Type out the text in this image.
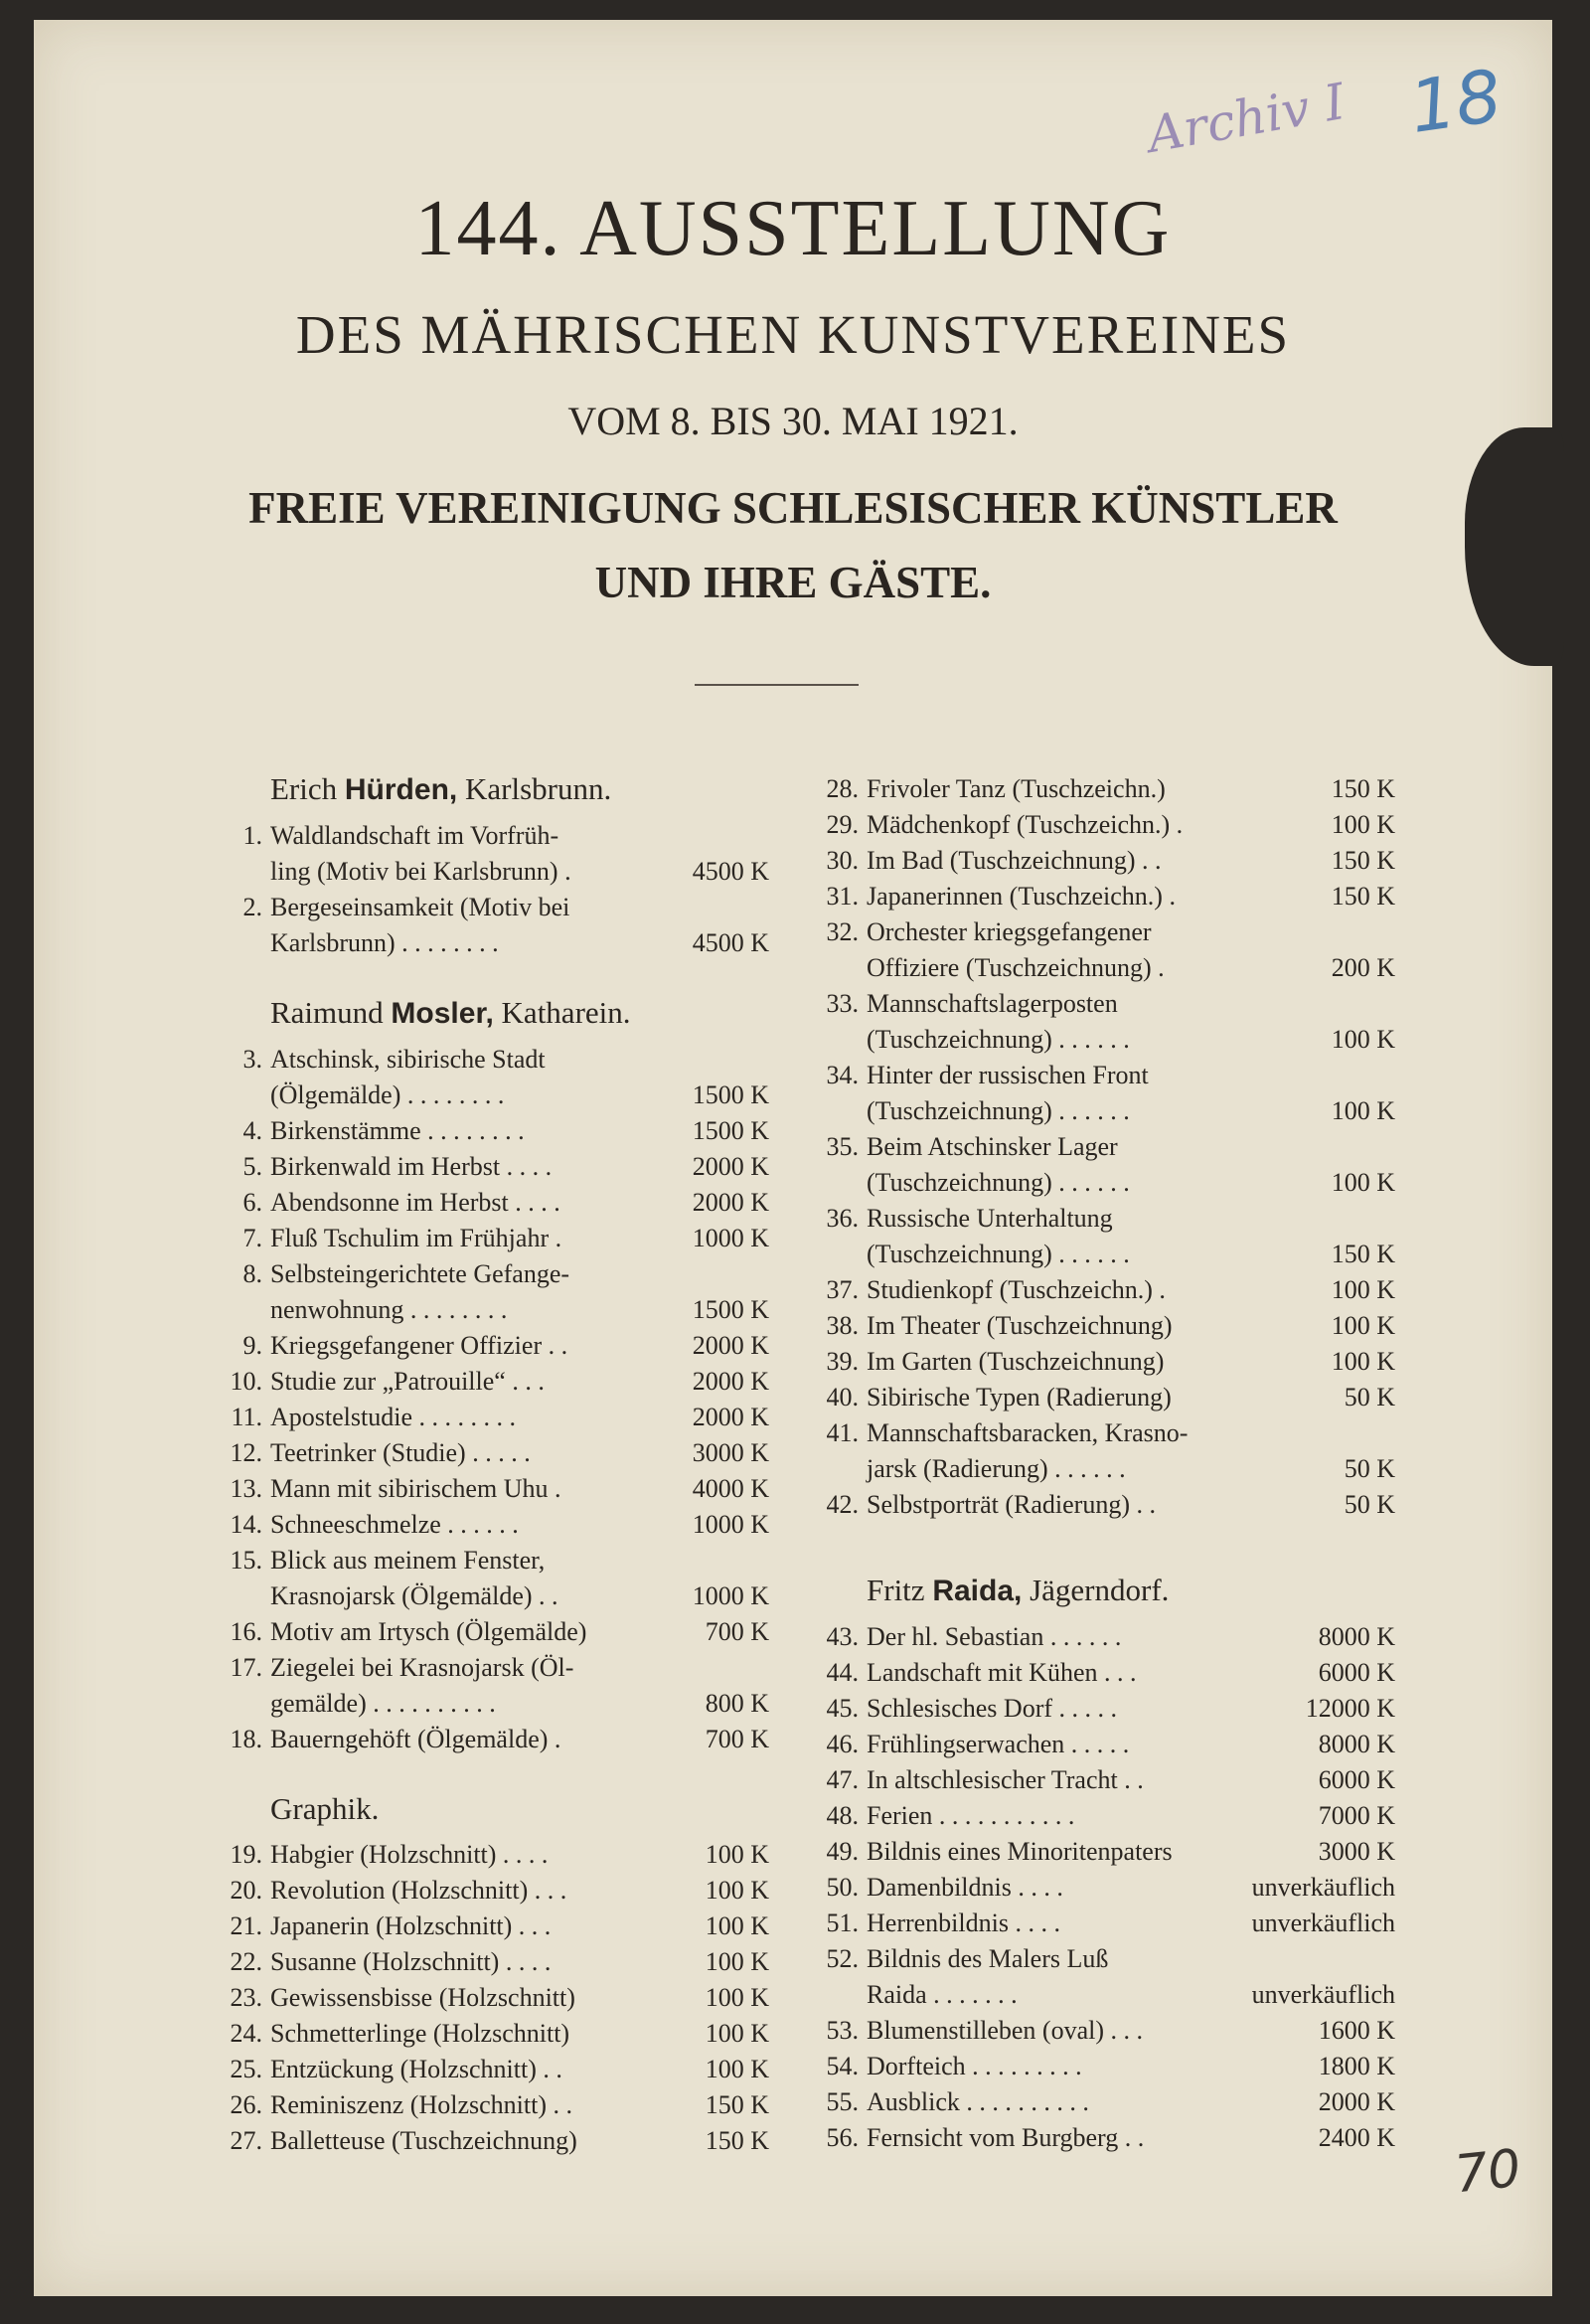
Archiv I 18
144. AUSSTELLUNG
DES MÄHRISCHEN KUNSTVEREINES
VOM 8. BIS 30. MAI 1921.
FREIE VEREINIGUNG SCHLESISCHER KÜNSTLER
UND IHRE GÄSTE.
Erich Hürden, Karlsbrunn.
1. Waldlandschaft im Vorfrüh-
ling (Motiv bei Karlsbrunn) .	4500 K
2. Bergeseinsamkeit (Motiv bei
Karlsbrunn) . . . . . . . .	4500 K
Raimund Mosler, Katharein.
3. Atschinsk, sibirische Stadt
(Ölgemälde) . . . . . . . .	1500 K
4. Birkenstämme . . . . . . . .	1500 K
5. Birkenwald im Herbst . . . .	2000 K
6. Abendsonne im Herbst . . . .	2000 K
7. Fluß Tschulim im Frühjahr .	1000 K
8. Selbsteingerichtete Gefange-
nenwohnung . . . . . . . .	1500 K
9. Kriegsgefangener Offizier . .	2000 K
10. Studie zur „Patrouille“ . . .	2000 K
11. Apostelstudie . . . . . . . .	2000 K
12. Teetrinker (Studie) . . . . .	3000 K
13. Mann mit sibirischem Uhu .	4000 K
14. Schneeschmelze . . . . . .	1000 K
15. Blick aus meinem Fenster,
Krasnojarsk (Ölgemälde) . .	1000 K
16. Motiv am Irtysch (Ölgemälde)	700 K
17. Ziegelei bei Krasnojarsk (Öl-
gemälde) . . . . . . . . . .	800 K
18. Bauerngehöft (Ölgemälde) .	700 K
Graphik.
19. Habgier (Holzschnitt) . . . .	100 K
20. Revolution (Holzschnitt) . . .	100 K
21. Japanerin (Holzschnitt) . . .	100 K
22. Susanne (Holzschnitt) . . . .	100 K
23. Gewissensbisse (Holzschnitt)	100 K
24. Schmetterlinge (Holzschnitt)	100 K
25. Entzückung (Holzschnitt) . .	100 K
26. Reminiszenz (Holzschnitt) . .	150 K
27. Balletteuse (Tuschzeichnung)	150 K
28. Frivoler Tanz (Tuschzeichn.)	150 K
29. Mädchenkopf (Tuschzeichn.) .	100 K
30. Im Bad (Tuschzeichnung) . .	150 K
31. Japanerinnen (Tuschzeichn.) .	150 K
32. Orchester kriegsgefangener
Offiziere (Tuschzeichnung) .	200 K
33. Mannschaftslagerposten
(Tuschzeichnung) . . . . . .	100 K
34. Hinter der russischen Front
(Tuschzeichnung) . . . . . .	100 K
35. Beim Atschinsker Lager
(Tuschzeichnung) . . . . . .	100 K
36. Russische Unterhaltung
(Tuschzeichnung) . . . . . .	150 K
37. Studienkopf (Tuschzeichn.) .	100 K
38. Im Theater (Tuschzeichnung)	100 K
39. Im Garten (Tuschzeichnung)	100 K
40. Sibirische Typen (Radierung)	50 K
41. Mannschaftsbaracken, Krasno-
jarsk (Radierung) . . . . . .	50 K
42. Selbstporträt (Radierung) . .	50 K
Fritz Raida, Jägerndorf.
43. Der hl. Sebastian . . . . . .	8000 K
44. Landschaft mit Kühen . . .	6000 K
45. Schlesisches Dorf . . . . .	12000 K
46. Frühlingserwachen . . . . .	8000 K
47. In altschlesischer Tracht . .	6000 K
48. Ferien . . . . . . . . . . .	7000 K
49. Bildnis eines Minoritenpaters	3000 K
50. Damenbildnis . . . .	unverkäuflich
51. Herrenbildnis . . . .	unverkäuflich
52. Bildnis des Malers Luß
Raida . . . . . . .	unverkäuflich
53. Blumenstilleben (oval) . . .	1600 K
54. Dorfteich . . . . . . . . .	1800 K
55. Ausblick . . . . . . . . . .	2000 K
56. Fernsicht vom Burgberg . .	2400 K
70
